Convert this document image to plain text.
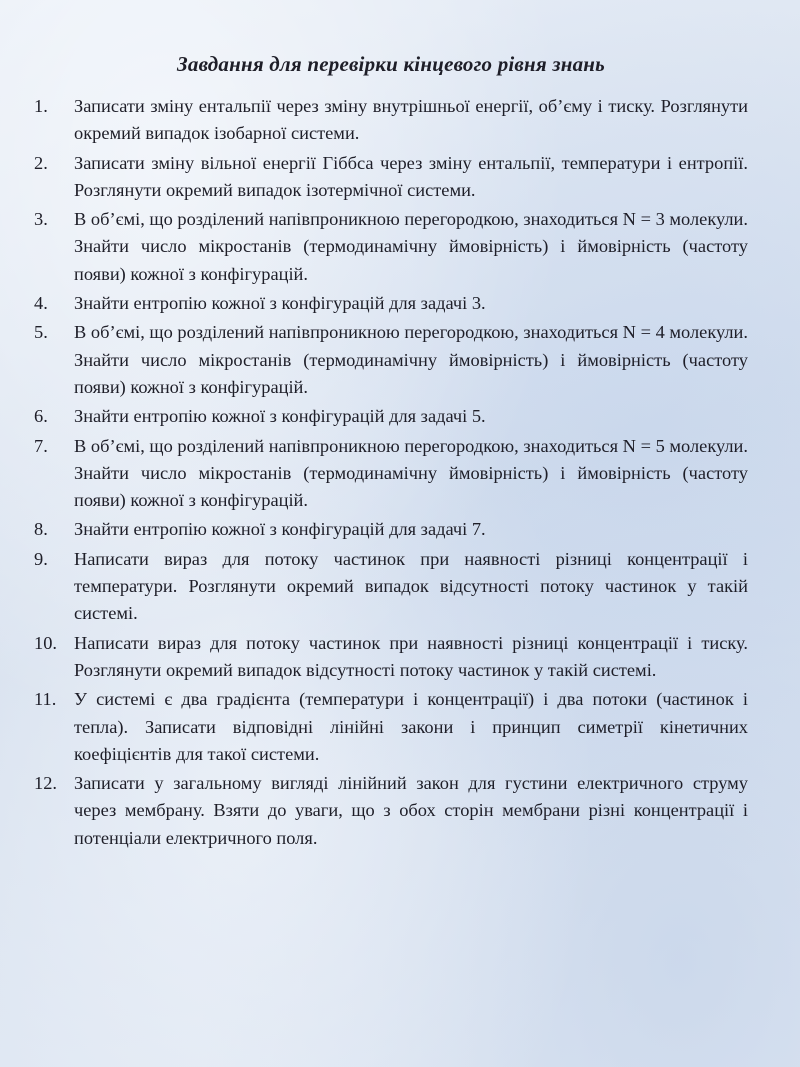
Завдання для перевірки кінцевого рівня знань
1.	Записати зміну ентальпії через зміну внутрішньої енергії, об’єму і тиску. Розглянути окремий випадок ізобарної системи.
2.	Записати зміну вільної енергії Гіббса через зміну ентальпії, температури і ентропії. Розглянути окремий випадок ізотермічної системи.
3.	В об’ємі, що розділений напівпроникною перегородкою, знаходиться N = 3 молекули. Знайти число мікростанів (термодинамічну ймовірність) і ймовірність (частоту появи) кожної з конфігурацій.
4.	Знайти ентропію кожної з конфігурацій для задачі 3.
5.	В об’ємі, що розділений напівпроникною перегородкою, знаходиться N = 4 молекули. Знайти число мікростанів (термодинамічну ймовірність) і ймовірність (частоту появи) кожної з конфігурацій.
6.	Знайти ентропію кожної з конфігурацій для задачі 5.
7.	В об’ємі, що розділений напівпроникною перегородкою, знаходиться N = 5 молекули. Знайти число мікростанів (термодинамічну ймовірність) і ймовірність (частоту появи) кожної з конфігурацій.
8.	Знайти ентропію кожної з конфігурацій для задачі 7.
9.	Написати вираз для потоку частинок при наявності різниці концентрації і температури. Розглянути окремий випадок відсутності потоку частинок у такій системі.
10. Написати вираз для потоку частинок при наявності різниці концентрації і тиску. Розглянути окремий випадок відсутності потоку частинок у такій системі.
11. У системі є два градієнта (температури і концентрації) і два потоки (частинок і тепла). Записати відповідні лінійні закони і принцип симетрії кінетичних коефіцієнтів для такої системи.
12. Записати у загальному вигляді лінійний закон для густини електричного струму через мембрану. Взяти до уваги, що з обох сторін мембрани різні концентрації і потенціали електричного поля.
